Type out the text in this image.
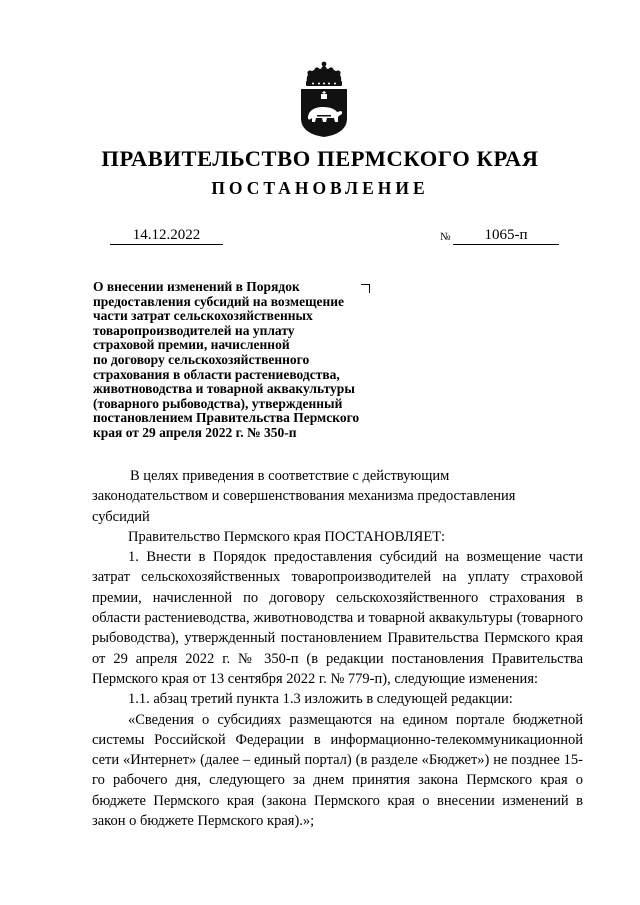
ПРАВИТЕЛЬСТВО ПЕРМСКОГО КРАЯ
ПОСТАНОВЛЕНИЕ
14.12.2022	№	1065-п
О внесении изменений в Порядок
предоставления субсидий на возмещение
части затрат сельскохозяйственных
товаропроизводителей на уплату
страховой премии, начисленной
по договору сельскохозяйственного
страхования в области растениеводства,
животноводства и товарной аквакультуры
(товарного рыбоводства), утвержденный
постановлением Правительства Пермского
края от 29 апреля 2022 г. № 350-п

В целях приведения в соответствие с действующим

законодательством и совершенствования механизма предоставления

субсидий

Правительство Пермского края ПОСТАНОВЛЯЕТ:

1. Внести в Порядок предоставления субсидий на возмещение части затрат сельскохозяйственных товаропроизводителей на уплату страховой премии, начисленной по договору сельскохозяйственного страхования в области растениеводства, животноводства и товарной аквакультуры (товарного рыбоводства), утвержденный постановлением Правительства Пермского края от 29 апреля 2022 г. № 350-п (в редакции постановления Правительства Пермского края от 13 сентября 2022 г. № 779-п), следующие изменения:

1.1. абзац третий пункта 1.3 изложить в следующей редакции:

«Сведения о субсидиях размещаются на едином портале бюджетной системы Российской Федерации в информационно-телекоммуникационной сети «Интернет» (далее – единый портал) (в разделе «Бюджет») не позднее 15-го рабочего дня, следующего за днем принятия закона Пермского края о бюджете Пермского края (закона Пермского края о внесении изменений в закон о бюджете Пермского края).»;
